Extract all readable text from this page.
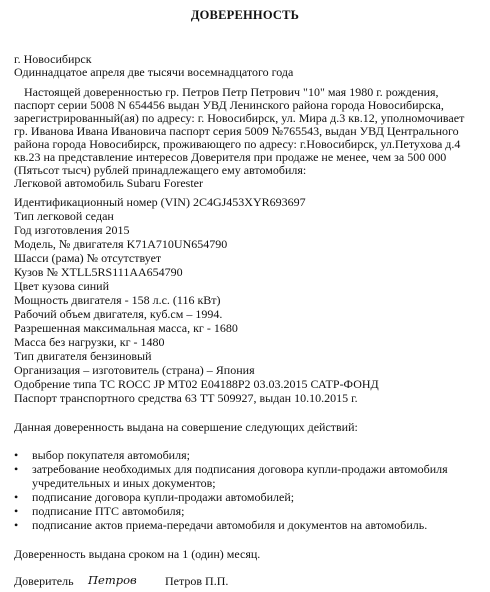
ДОВЕРЕННОСТЬ
г. Новосибирск
Одиннадцатое апреля две тысячи восемнадцатого года
Настоящей доверенностью гр. Петров Петр Петрович "10" мая 1980 г. рождения,
паспорт серии 5008 N 654456 выдан УВД Ленинского района города Новосибирска,
зарегистрированный(ая) по адресу: г. Новосибирск, ул. Мира д.3 кв.12, уполномочивает
гр. Иванова Ивана Ивановича паспорт серия 5009 №765543, выдан УВД Центрального
района города Новосибирск, проживающего по адресу: г.Новосибирск, ул.Петухова д.4
кв.23 на представление интересов Доверителя при продаже не менее, чем за 500 000
(Пятьсот тысч) рублей принадлежащего ему автомобиля:
Легковой автомобиль Subaru Forester
Идентификационный номер (VIN) 2C4GJ453XYR693697
Тип легковой седан
Год изготовления 2015
Модель, № двигателя K71A710UN654790
Шасси (рама) № отсутствует
Кузов № XTLL5RS111AA654790
Цвет кузова синий
Мощность двигателя - 158 л.с. (116 кВт)
Рабочий объем двигателя, куб.см – 1994.
Разрешенная максимальная масса, кг - 1680
Масса без нагрузки, кг - 1480
Тип двигателя бензиновый
Организация – изготовитель (страна) – Япония
Одобрение типа ТС ROCC JP MT02 E04188P2 03.03.2015 САТР-ФОНД
Паспорт транспортного средства 63 ТТ 509927, выдан 10.10.2015 г.
Данная доверенность выдана на совершение следующих действий:
• выбор покупателя автомобиля;
• затребование необходимых для подписания договора купли-продажи автомобиля
учредительных и иных документов;
• подписание договора купли-продажи автомобилей;
• подписание ПТС автомобиля;
• подписание актов приема-передачи автомобиля и документов на автомобиль.
Доверенность выдана сроком на 1 (один) месяц.
Доверитель Петров Петров П.П.
